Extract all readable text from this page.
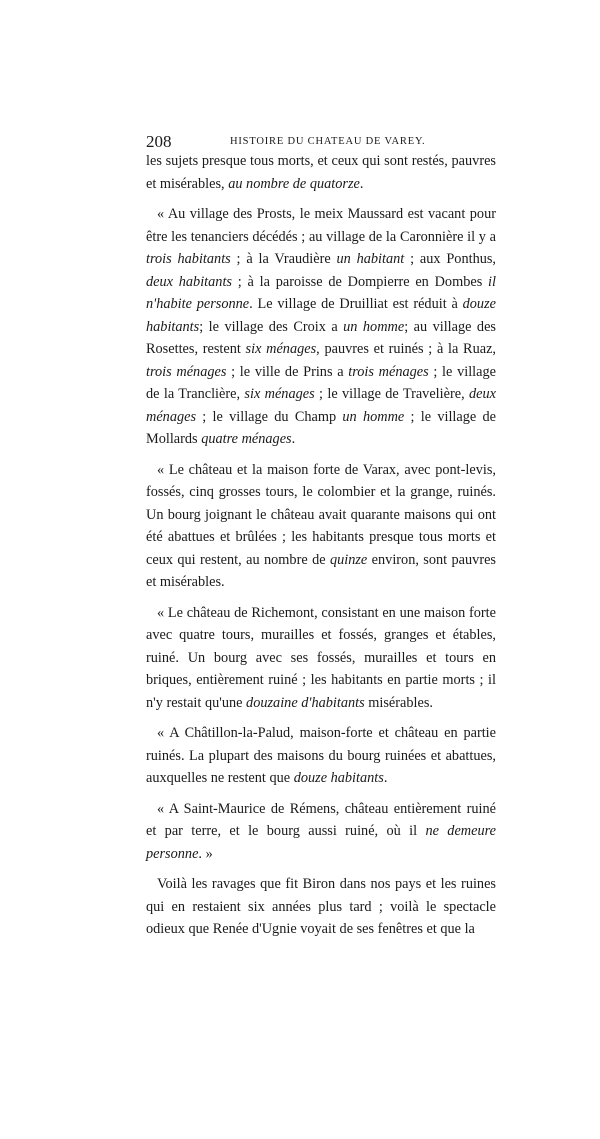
208	HISTOIRE DU CHATEAU DE VAREY.

les sujets presque tous morts, et ceux qui sont restés, pauvres et misérables, au nombre de quatorze.

« Au village des Prosts, le meix Maussard est vacant pour être les tenanciers décédés ; au village de la Caronnière il y a trois habitants ; à la Vraudière un habitant ; aux Ponthus, deux habitants ; à la paroisse de Dompierre en Dombes il n'habite personne. Le village de Druilliat est réduit à douze habitants; le village des Croix a un homme; au village des Rosettes, restent six ménages, pauvres et ruinés ; à la Ruaz, trois ménages ; le ville de Prins a trois ménages ; le village de la Tranclière, six ménages ; le village de Travelière, deux ménages ; le village du Champ un homme ; le village de Mollards quatre ménages.

« Le château et la maison forte de Varax, avec pont-levis, fossés, cinq grosses tours, le colombier et la grange, ruinés. Un bourg joignant le château avait quarante maisons qui ont été abattues et brûlées ; les habitants presque tous morts et ceux qui restent, au nombre de quinze environ, sont pauvres et misérables.

« Le château de Richemont, consistant en une maison forte avec quatre tours, murailles et fossés, granges et étables, ruiné. Un bourg avec ses fossés, murailles et tours en briques, entièrement ruiné ; les habitants en partie morts ; il n'y restait qu'une douzaine d'habitants misérables.

« A Châtillon-la-Palud, maison-forte et château en partie ruinés. La plupart des maisons du bourg ruinées et abattues, auxquelles ne restent que douze habitants.

« A Saint-Maurice de Rémens, château entièrement ruiné et par terre, et le bourg aussi ruiné, où il ne demeure personne. »

Voilà les ravages que fit Biron dans nos pays et les ruines qui en restaient six années plus tard ; voilà le spectacle odieux que Renée d'Ugnie voyait de ses fenêtres et que la
